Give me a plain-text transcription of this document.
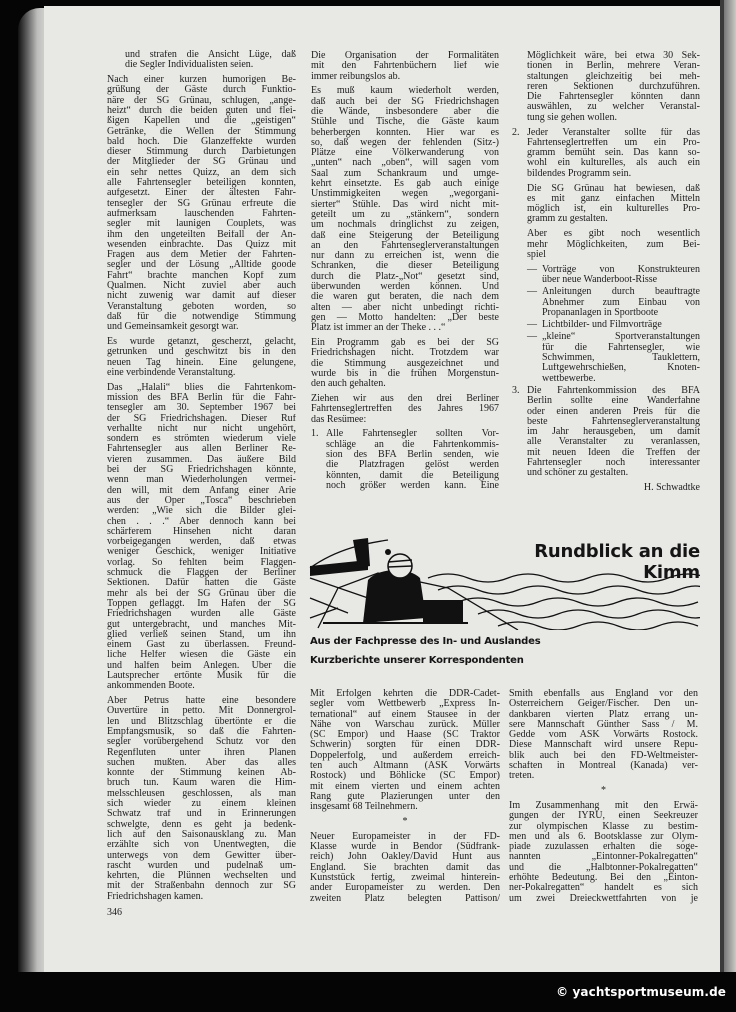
und strafen die Ansicht Lüge, daß
die Segler Individualisten seien.
Nach einer kurzen humorigen Be-
grüßung der Gäste durch Funktio-
näre der SG Grünau, schlugen, „ange-
heizt“ durch die beiden guten und flei-
ßigen Kapellen und die „geistigen“
Getränke, die Wellen der Stimmung
bald hoch. Die Glanzeffekte wurden
dieser Stimmung durch Darbietungen
der Mitglieder der SG Grünau und
ein sehr nettes Quizz, an dem sich
alle Fahrtensegler beteiligen konnten,
aufgesetzt. Einer der ältesten Fahr-
tensegler der SG Grünau erfreute die
aufmerksam lauschenden Fahrten-
segler mit launigen Couplets, was
ihm den ungeteilten Beifall der An-
wesenden einbrachte. Das Quizz mit
Fragen aus dem Metier der Fahrten-
segler und der Lösung „Alltide goode
Fahrt“ brachte manchen Kopf zum
Qualmen. Nicht zuviel aber auch
nicht zuwenig war damit auf dieser
Veranstaltung geboten worden, so
daß für die notwendige Stimmung
und Gemeinsamkeit gesorgt war.
Es wurde getanzt, gescherzt, gelacht,
getrunken und geschwitzt bis in den
neuen Tag hinein. Eine gelungene,
eine verbindende Veranstaltung.
Das „Halali“ blies die Fahrtenkom-
mission des BFA Berlin für die Fahr-
tensegler am 30. September 1967 bei
der SG Friedrichshagen. Dieser Ruf
verhallte nicht nur nicht ungehört,
sondern es strömten wiederum viele
Fahrtensegler aus allen Berliner Re-
vieren zusammen. Das äußere Bild
bei der SG Friedrichshagen könnte,
wenn man Wiederholungen vermei-
den will, mit dem Anfang einer Arie
aus der Oper „Tosca“ beschrieben
werden: „Wie sich die Bilder glei-
chen . . .“ Aber dennoch kann bei
schärferem Hinsehen nicht daran
vorbeigegangen werden, daß etwas
weniger Geschick, weniger Initiative
vorlag. So fehlten beim Flaggen-
schmuck die Flaggen der Berliner
Sektionen. Dafür hatten die Gäste
mehr als bei der SG Grünau über die
Toppen geflaggt. Im Hafen der SG
Friedrichshagen wurden alle Gäste
gut untergebracht, und manches Mit-
glied verließ seinen Stand, um ihn
einem Gast zu überlassen. Freund-
liche Helfer wiesen die Gäste ein
und halfen beim Anlegen. Über die
Lautsprecher ertönte Musik für die
ankommenden Boote.
Aber Petrus hatte eine besondere
Ouvertüre in petto. Mit Donnergrol-
len und Blitzschlag übertönte er die
Empfangsmusik, so daß die Fahrten-
segler vorübergehend Schutz vor den
Regenfluten unter ihren Planen
suchen mußten. Aber das alles
konnte der Stimmung keinen Ab-
bruch tun. Kaum waren die Him-
melsschleusen geschlossen, als man
sich wieder zu einem kleinen
Schwatz traf und in Erinnerungen
schwelgte, denn es geht ja bedenk-
lich auf den Saisonausklang zu. Man
erzählte sich von Unentwegten, die
unterwegs von dem Gewitter über-
rascht wurden und pudelnaß um-
kehrten, die Plünnen wechselten und
mit der Straßenbahn dennoch zur SG
Friedrichshagen kamen.
Die Organisation der Formalitäten
mit den Fahrtenbüchern lief wie
immer reibungslos ab.
Es muß kaum wiederholt werden,
daß auch bei der SG Friedrichshagen
die Wände, insbesondere aber die
Stühle und Tische, die Gäste kaum
beherbergen konnten. Hier war es
so, daß wegen der fehlenden (Sitz-)
Plätze eine Völkerwanderung von
„unten“ nach „oben“, will sagen vom
Saal zum Schankraum und umge-
kehrt einsetzte. Es gab auch einige
Unstimmigkeiten wegen „wegorgani-
sierter“ Stühle. Das wird nicht mit-
geteilt um zu „stänkern“, sondern
um nochmals dringlichst zu zeigen,
daß eine Steigerung der Beteiligung
an den Fahrtenseglerveranstaltungen
nur dann zu erreichen ist, wenn die
Schranken, die dieser Beteiligung
durch die Platz-„Not“ gesetzt sind,
überwunden werden können. Und
die waren gut beraten, die nach dem
alten — aber nicht unbedingt richti-
gen — Motto handelten: „Der beste
Platz ist immer an der Theke . . .“
Ein Programm gab es bei der SG
Friedrichshagen nicht. Trotzdem war
die Stimmung ausgezeichnet und
wurde bis in die frühen Morgenstun-
den auch gehalten.
Ziehen wir aus den drei Berliner
Fahrtenseglertreffen des Jahres 1967
das Resümee:
1. Alle Fahrtensegler sollten Vor-
schläge an die Fahrtenkommis-
sion des BFA Berlin senden, wie
die Platzfragen gelöst werden
könnten, damit die Beteiligung
noch größer werden kann. Eine
Möglichkeit wäre, bei etwa 30 Sek-
tionen in Berlin, mehrere Veran-
staltungen gleichzeitig bei meh-
reren Sektionen durchzuführen.
Die Fahrtensegler könnten dann
auswählen, zu welcher Veranstal-
tung sie gehen wollen.
2. Jeder Veranstalter sollte für das
Fahrtenseglertreffen um ein Pro-
gramm bemüht sein. Das kann so-
wohl ein kulturelles, als auch ein
bildendes Programm sein.
Die SG Grünau hat bewiesen, daß
es mit ganz einfachen Mitteln
möglich ist, ein kulturelles Pro-
gramm zu gestalten.
Aber es gibt noch wesentlich
mehr Möglichkeiten, zum Bei-
spiel
— Vorträge von Konstrukteuren
über neue Wanderboot-Risse
— Anleitungen durch beauftragte
Abnehmer zum Einbau von
Propananlagen in Sportboote
— Lichtbilder- und Filmvorträge
— „kleine“ Sportveranstaltungen
für die Fahrtensegler, wie
Schwimmen, Tauklettern,
Luftgewehrschießen, Knoten-
wettbewerbe.
3. Die Fahrtenkommission des BFA
Berlin sollte eine Wanderfahne
oder einen anderen Preis für die
beste Fahrtenseglerveranstaltung
im Jahr herausgeben, um damit
alle Veranstalter zu veranlassen,
mit neuen Ideen die Treffen der
Fahrtensegler noch interessanter
und schöner zu gestalten.
H. Schwadtke
Rundblick an die Kimm
Aus der Fachpresse des In- und Auslandes
Kurzberichte unserer Korrespondenten
Mit Erfolgen kehrten die DDR-Cadet-
segler vom Wettbewerb „Express In-
ternational“ auf einem Stausee in der
Nähe von Warschau zurück. Müller
(SC Empor) und Haase (SC Traktor
Schwerin) sorgten für einen DDR-
Doppelerfolg, und außerdem erreich-
ten auch Altmann (ASK Vorwärts
Rostock) und Böhlicke (SC Empor)
mit einem vierten und einem achten
Rang gute Plazierungen unter den
insgesamt 68 Teilnehmern.
*
Neuer Europameister in der FD-
Klasse wurde in Bendor (Südfrank-
reich) John Oakley/David Hunt aus
England. Sie brachten damit das
Kunststück fertig, zweimal hinterein-
ander Europameister zu werden. Den
zweiten Platz belegten Pattison/
Smith ebenfalls aus England vor den
Österreichern Geiger/Fischer. Den un-
dankbaren vierten Platz errang un-
sere Mannschaft Günther Sass / M.
Gedde vom ASK Vorwärts Rostock.
Diese Mannschaft wird unsere Repu-
blik auch bei den FD-Weltmeister-
schaften in Montreal (Kanada) ver-
treten.
*
Im Zusammenhang mit den Erwä-
gungen der IYRU, einen Seekreuzer
zur olympischen Klasse zu bestim-
men und als 6. Bootsklasse zur Olym-
piade zuzulassen erhalten die soge-
nannten „Eintonner-Pokalregatten“
und die „Halbtonner-Pokalregatten“
erhöhte Bedeutung. Bei den „Einton-
ner-Pokalregatten“ handelt es sich
um zwei Dreieckwettfahrten von je
346
© yachtsportmuseum.de
